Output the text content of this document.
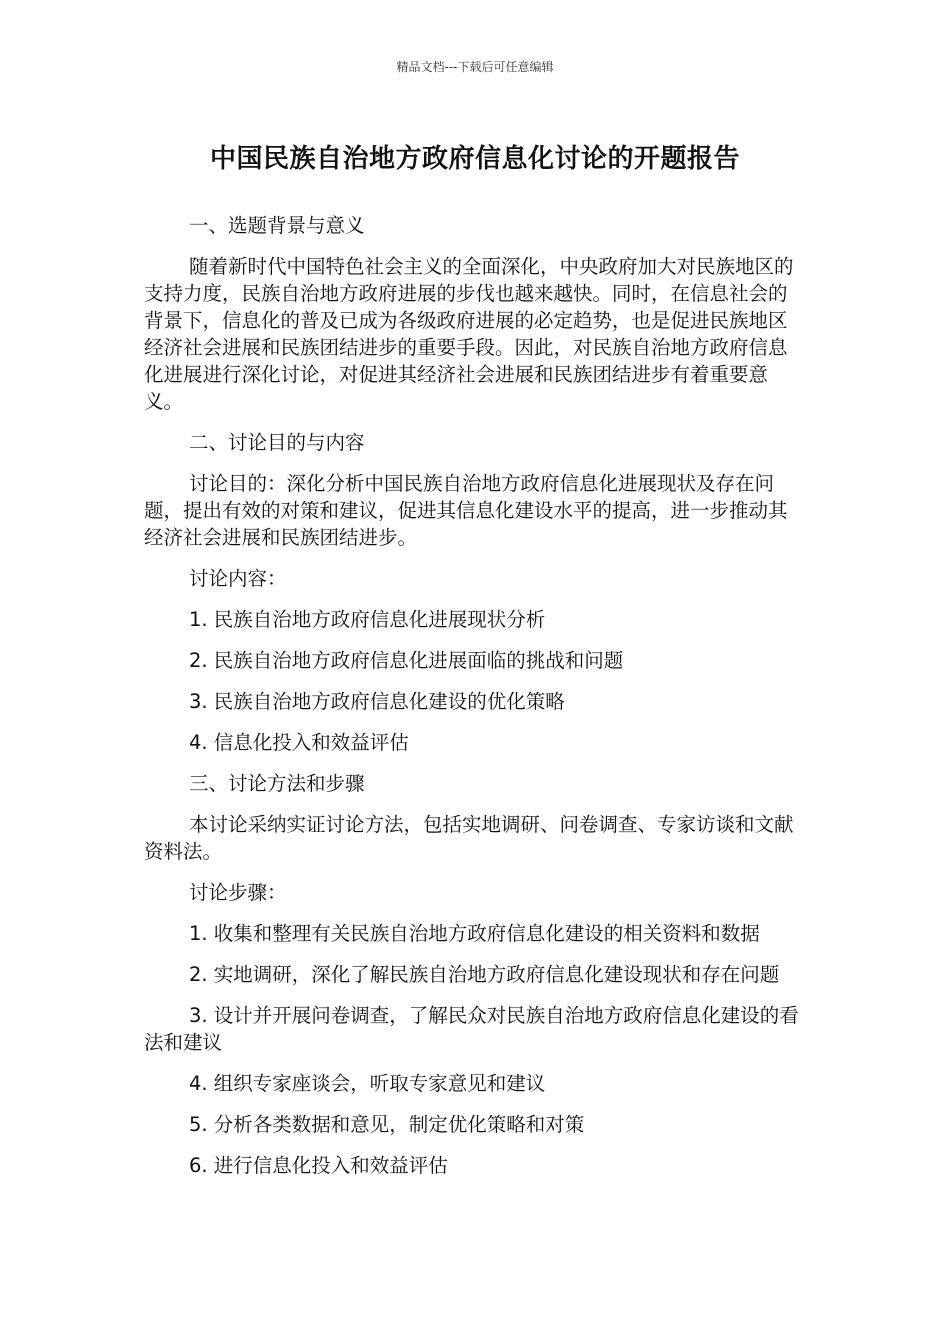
精品文档---下载后可任意编辑
中国民族自治地方政府信息化讨论的开题报告

一、选题背景与意义

随着新时代中国特色社会主义的全面深化，中央政府加大对民族地区的支持力度，民族自治地方政府进展的步伐也越来越快。同时，在信息社会的背景下，信息化的普及已成为各级政府进展的必定趋势，也是促进民族地区经济社会进展和民族团结进步的重要手段。因此，对民族自治地方政府信息化进展进行深化讨论，对促进其经济社会进展和民族团结进步有着重要意义。

二、讨论目的与内容

讨论目的：深化分析中国民族自治地方政府信息化进展现状及存在问题，提出有效的对策和建议，促进其信息化建设水平的提高，进一步推动其经济社会进展和民族团结进步。

讨论内容：

1. 民族自治地方政府信息化进展现状分析

2. 民族自治地方政府信息化进展面临的挑战和问题

3. 民族自治地方政府信息化建设的优化策略

4. 信息化投入和效益评估

三、讨论方法和步骤

本讨论采纳实证讨论方法，包括实地调研、问卷调查、专家访谈和文献资料法。

讨论步骤：

1. 收集和整理有关民族自治地方政府信息化建设的相关资料和数据

2. 实地调研，深化了解民族自治地方政府信息化建设现状和存在问题

3. 设计并开展问卷调查，了解民众对民族自治地方政府信息化建设的看法和建议

4. 组织专家座谈会，听取专家意见和建议

5. 分析各类数据和意见，制定优化策略和对策

6. 进行信息化投入和效益评估
